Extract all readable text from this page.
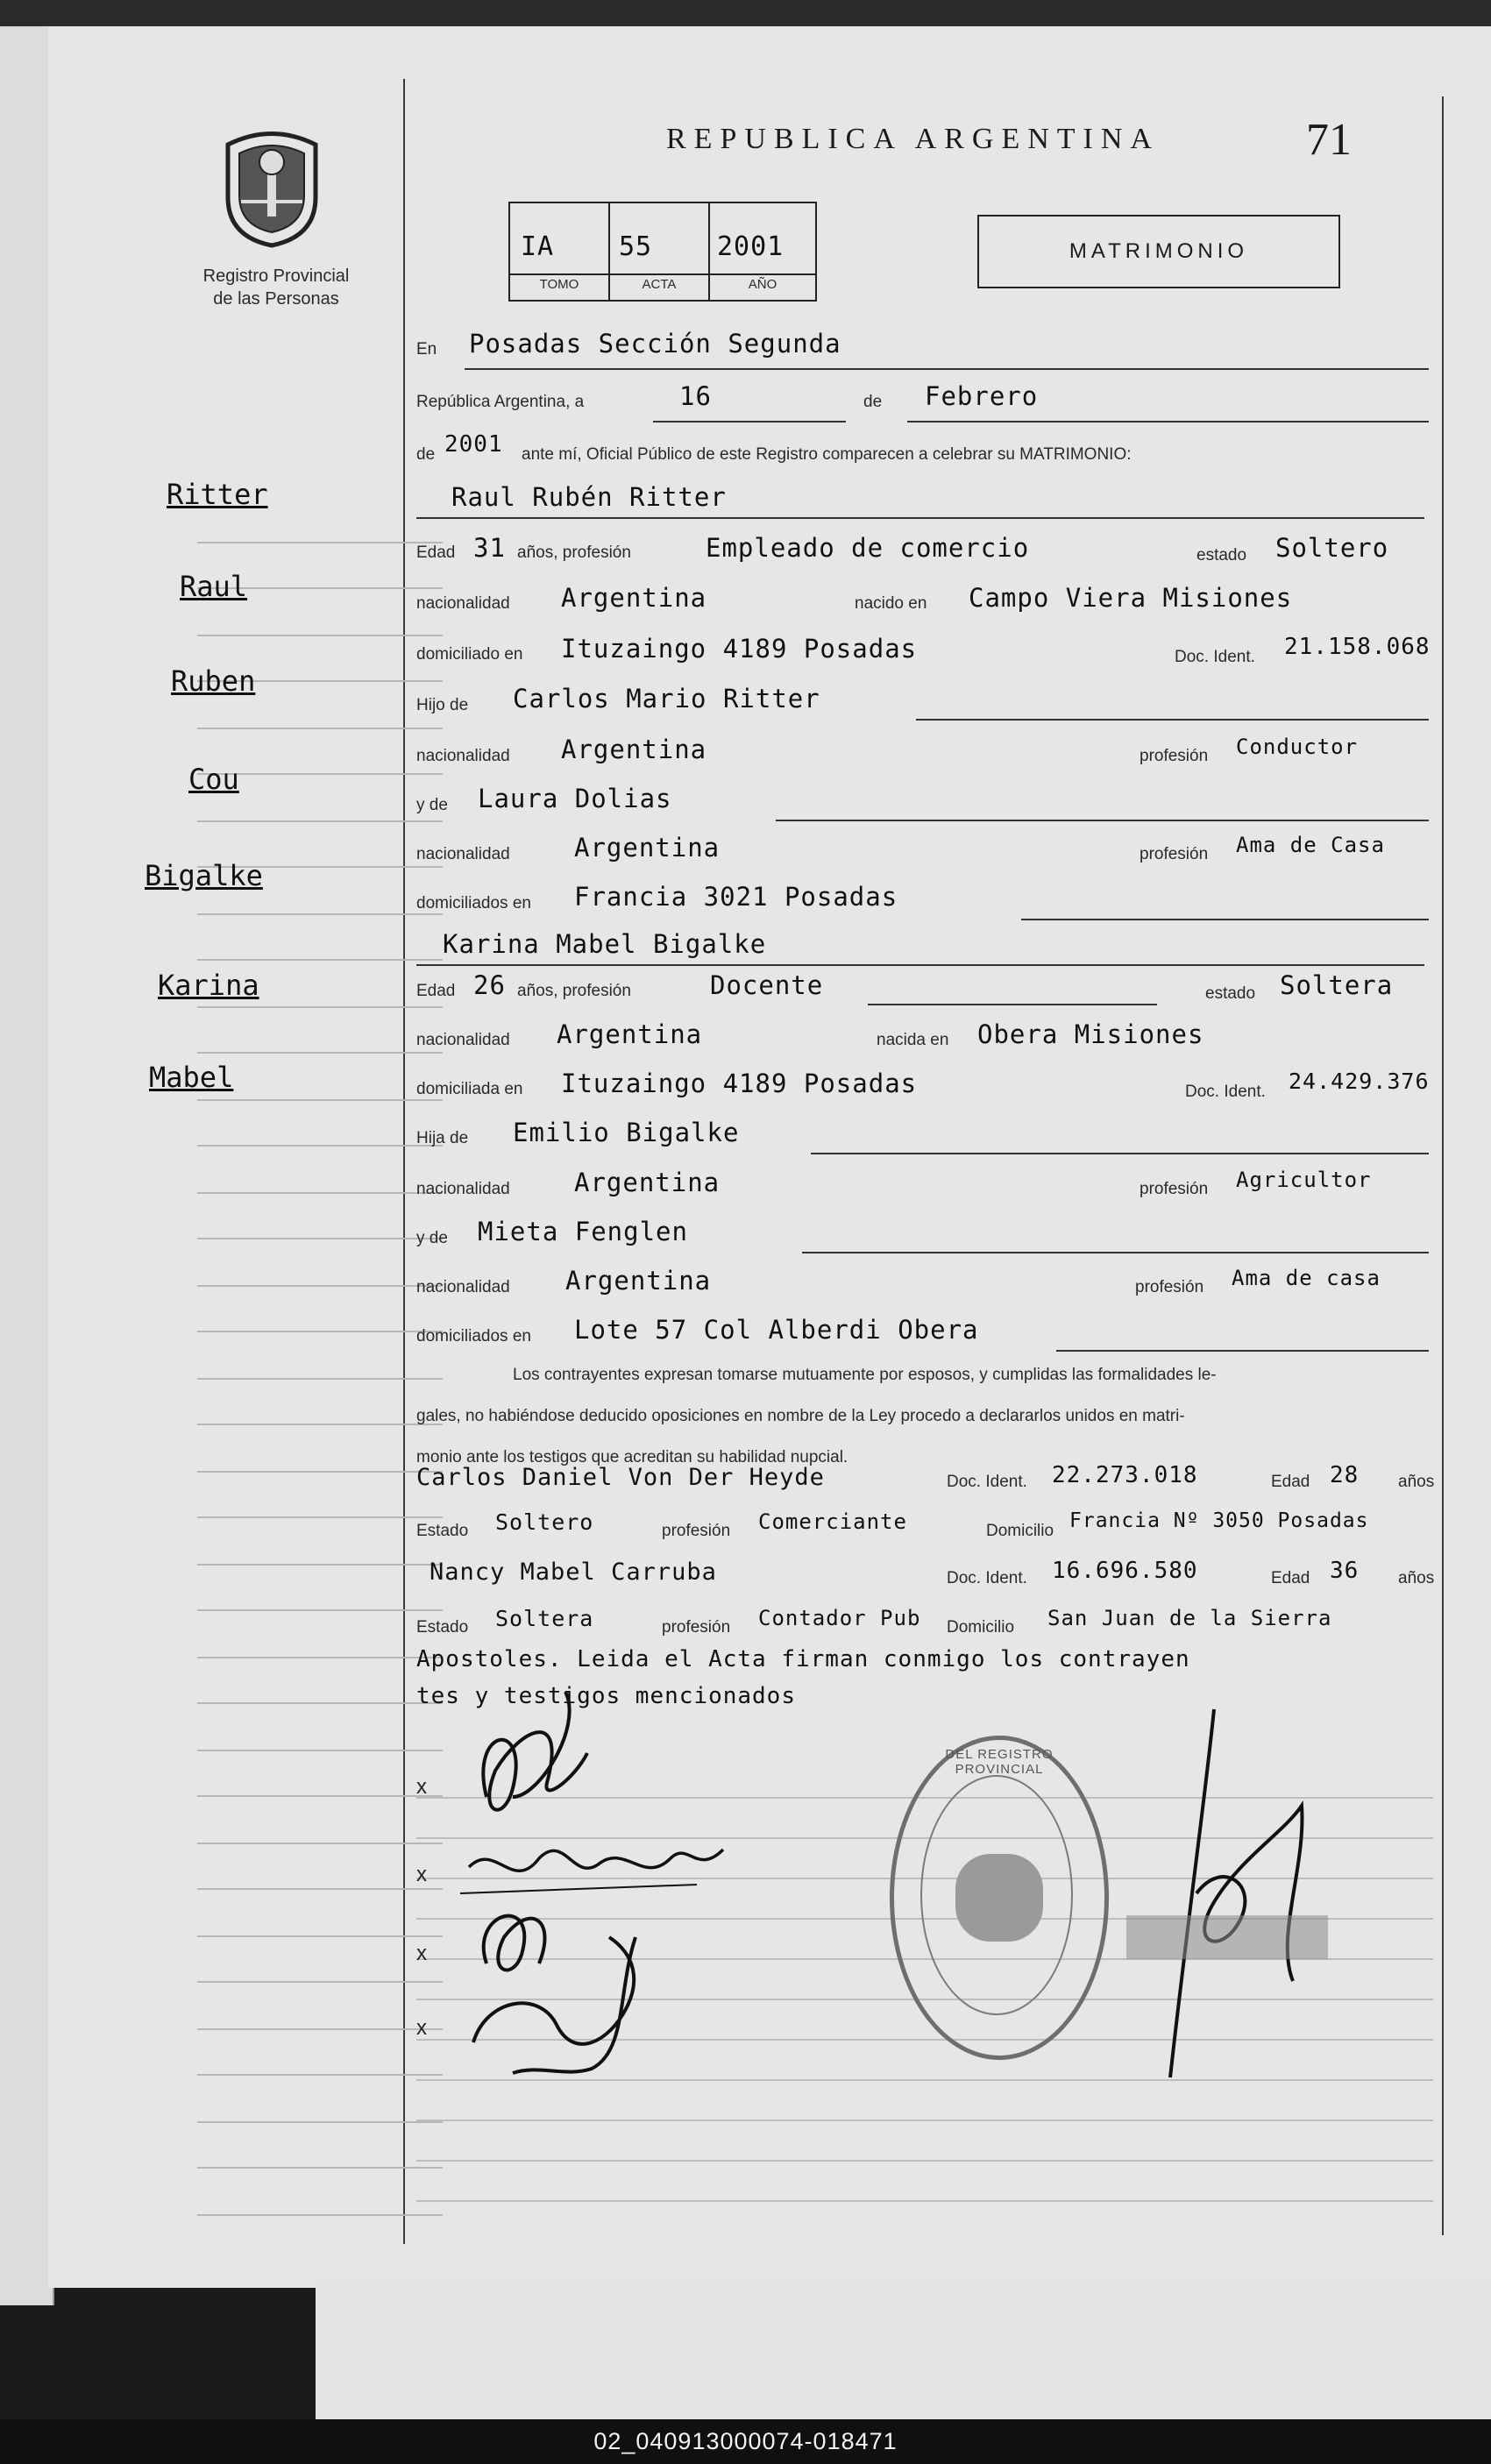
Registro Provincial
de las Personas
REPUBLICA ARGENTINA	71
IA 55 2001
TOMO	ACTA	AÑO
MATRIMONIO
Ritter
Raul
Ruben
Cou
Bigalke
Karina
Mabel
En Posadas Sección Segunda
República Argentina, a	16	de Febrero
de 2001 ante mí, Oficial Público de este Registro comparecen a celebrar su MATRIMONIO:
Raul Rubén Ritter
Edad 31 años, profesión	Empleado de comercio	estado Soltero
nacionalidad Argentina	nacido en Campo Viera Misiones
domiciliado en Ituzaingo 4189 Posadas	Doc. Ident. 21.158.068
Hijo de Carlos Mario Ritter
nacionalidad Argentina	profesión Conductor
y de Laura Dolias
nacionalidad	Argentina	profesión Ama de Casa
domiciliados en Francia 3021 Posadas
Karina Mabel Bigalke
Edad 26 años, profesión	Docente	estado Soltera
nacionalidad Argentina	nacida en Obera Misiones
domiciliada en Ituzaingo 4189 Posadas	Doc. Ident. 24.429.376
Hija de Emilio Bigalke
nacionalidad	Argentina	profesión Agricultor
y de Mieta Fenglen
nacionalidad Argentina	profesión Ama de casa
domiciliados en Lote 57 Col Alberdi Obera
Los contrayentes expresan tomarse mutuamente por esposos, y cumplidas las formalidades le-
gales, no habiéndose deducido oposiciones en nombre de la Ley procedo a declararlos unidos en matri-
monio ante los testigos que acreditan su habilidad nupcial.
Carlos Daniel Von Der Heyde	Doc. Ident. 22.273.018	Edad 28 años
Estado Soltero	profesión Comerciante	Domicilio Francia Nº 3050 Posadas
Nancy Mabel Carruba	Doc. Ident. 16.696.580	Edad 36 años
Estado Soltera	profesión Contador Pub Domicilio San Juan de la Sierra
Apostoles. Leida el Acta firman conmigo los contrayen
tes y testigos mencionados
x
x
x
x
DEL REGISTRO PROVINCIAL
02_040913000074-018471
